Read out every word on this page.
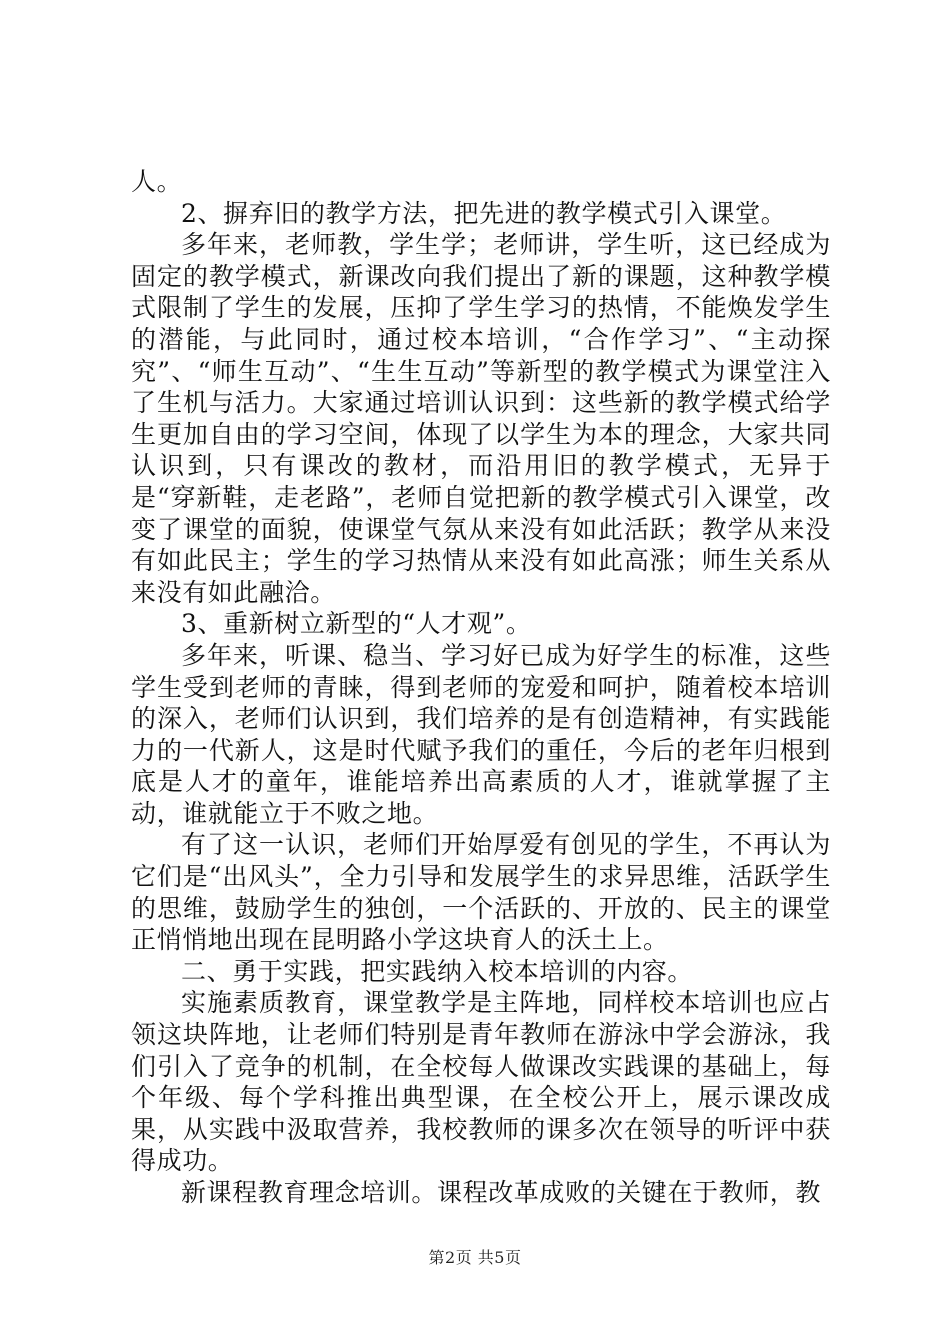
人。

2、摒弃旧的教学方法，把先进的教学模式引入课堂。

多年来，老师教，学生学；老师讲，学生听，这已经成为固定的教学模式，新课改向我们提出了新的课题，这种教学模式限制了学生的发展，压抑了学生学习的热情，不能焕发学生的潜能，与此同时，通过校本培训，“合作学习”、“主动探究”、“师生互动”、“生生互动”等新型的教学模式为课堂注入了生机与活力。大家通过培训认识到：这些新的教学模式给学生更加自由的学习空间，体现了以学生为本的理念，大家共同认识到，只有课改的教材，而沿用旧的教学模式，无异于是“穿新鞋，走老路”，老师自觉把新的教学模式引入课堂，改变了课堂的面貌，使课堂气氛从来没有如此活跃；教学从来没有如此民主；学生的学习热情从来没有如此高涨；师生关系从来没有如此融洽。

3、重新树立新型的“人才观”。

多年来，听课、稳当、学习好已成为好学生的标准，这些学生受到老师的青睐，得到老师的宠爱和呵护，随着校本培训的深入，老师们认识到，我们培养的是有创造精神，有实践能力的一代新人，这是时代赋予我们的重任，今后的老年归根到底是人才的童年，谁能培养出高素质的人才，谁就掌握了主动，谁就能立于不败之地。

有了这一认识，老师们开始厚爱有创见的学生，不再认为它们是“出风头”，全力引导和发展学生的求异思维，活跃学生的思维，鼓励学生的独创，一个活跃的、开放的、民主的课堂正悄悄地出现在昆明路小学这块育人的沃土上。

二、勇于实践，把实践纳入校本培训的内容。

实施素质教育，课堂教学是主阵地，同样校本培训也应占领这块阵地，让老师们特别是青年教师在游泳中学会游泳，我们引入了竞争的机制，在全校每人做课改实践课的基础上，每个年级、每个学科推出典型课，在全校公开上，展示课改成果，从实践中汲取营养，我校教师的课多次在领导的听评中获得成功。

新课程教育理念培训。课程改革成败的关键在于教师，教

第2页 共5页
